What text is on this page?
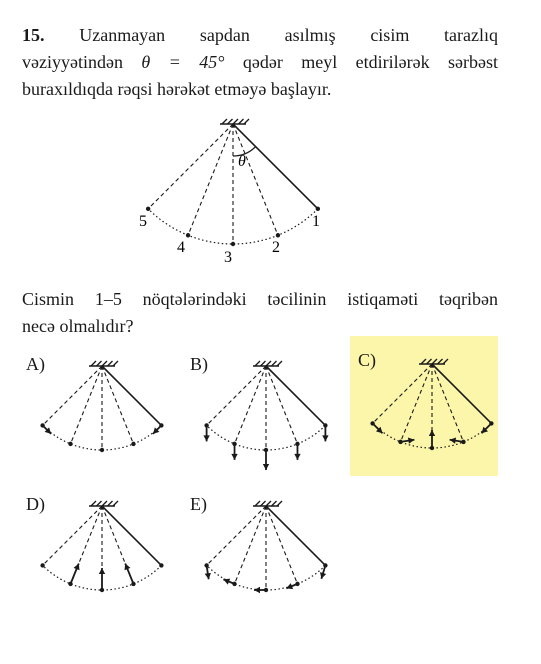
15. Uzanmayan sapdan asılmış cisim tarazlıq
vəziyyətindən θ = 45° qədər meyl etdirilərək sərbəst
buraxıldıqda rəqsi hərəkət etməyə başlayır.
θ
1
2
3
4
5
Cismin 1–5 nöqtələrindəki təcilinin istiqaməti təqribən
necə olmalıdır?
A)	B)	C)
D)	E)
